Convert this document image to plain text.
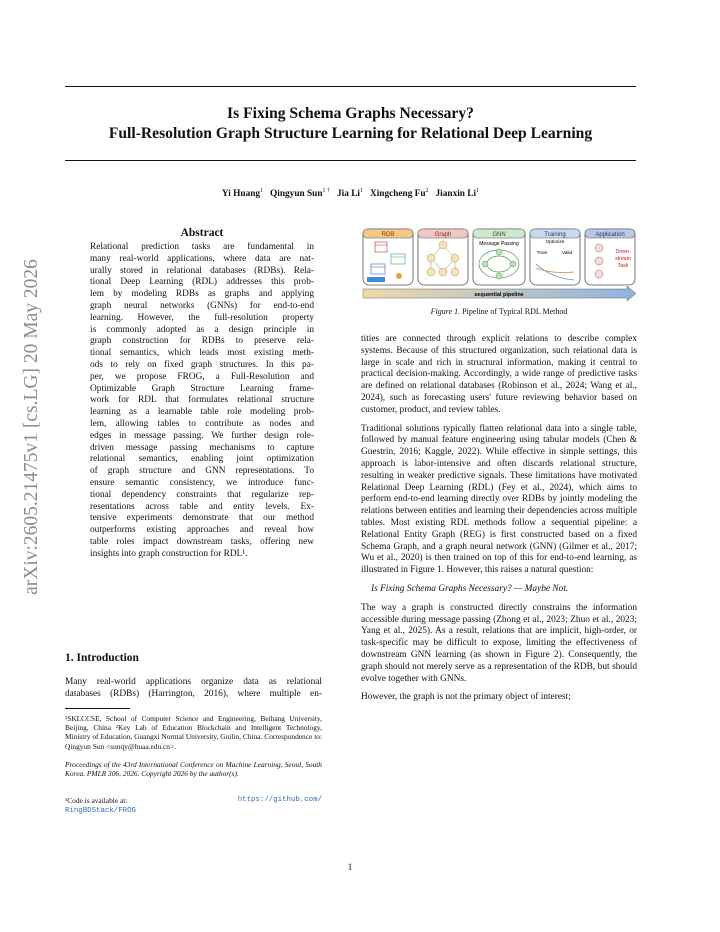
Is Fixing Schema Graphs Necessary?
Full-Resolution Graph Structure Learning for Relational Deep Learning
Yi Huang$^1$ Qingyun Sun$^{1 \dagger}$ Jia Li$^1$ Xingcheng Fu$^2$ Jianxin Li$^1$
arXiv:2605.21475v1 [cs.LG] 20 May 2026
Abstract
Relational prediction tasks are fundamental in
many real-world applications, where data are nat-
urally stored in relational databases (RDBs). Rela-
tional Deep Learning (RDL) addresses this prob-
lem by modeling RDBs as graphs and applying
graph neural networks (GNNs) for end-to-end
learning. However, the full-resolution property
is commonly adopted as a design principle in
graph construction for RDBs to preserve rela-
tional semantics, which leads most existing meth-
ods to rely on fixed graph structures. In this pa-
per, we propose FROG, a Full-Resolution and
Optimizable Graph Structure Learning frame-
work for RDL that formulates relational structure
learning as a learnable table role modeling prob-
lem, allowing tables to contribute as nodes and
edges in message passing. We further design role-
driven message passing mechanisms to capture
relational semantics, enabling joint optimization
of graph structure and GNN representations. To
ensure semantic consistency, we introduce func-
tional dependency constraints that regularize rep-
resentations across table and entity levels. Ex-
tensive experiments demonstrate that our method
outperforms existing approaches and reveal how
table roles impact downstream tasks, offering new
insights into graph construction for RDL¹.
1. Introduction
Many real-world applications organize data as relational
databases (RDBs) (Harrington, 2016), where multiple en-
¹SKLCCSE, School of Computer Science and Engineering, Beihang University, Beijing, China ²Key Lab of Education Blockchain and Intelligent Technology, Ministry of Education, Guangxi Normal University, Guilin, China. Correspondence to: Qingyun Sun <sunqy@buaa.edu.cn>.
Proceedings of the 43rd International Conference on Machine Learning, Seoul, South Korea. PMLR 306, 2026. Copyright 2026 by the author(s).
¹Code is available at:	https://github.com/

RingBDStack/FROG
RDB	Graph	GNN
Message Passing
Training
Optimize
Train	Valid
Application
Down-
stream
Task
sequential pipeline
Figure 1. Pipeline of Typical RDL Method

tities are connected through explicit relations to describe complex systems. Because of this structured organization, such relational data is large in scale and rich in structural information, making it central to practical decision-making. Accordingly, a wide range of predictive tasks are defined on relational databases (Robinson et al., 2024; Wang et al., 2024), such as forecasting users' future reviewing behavior based on customer, product, and review tables.

Traditional solutions typically flatten relational data into a single table, followed by manual feature engineering using tabular models (Chen & Guestrin, 2016; Kaggle, 2022). While effective in simple settings, this approach is labor-intensive and often discards relational structure, resulting in weaker predictive signals. These limitations have motivated Relational Deep Learning (RDL) (Fey et al., 2024), which aims to perform end-to-end learning directly over RDBs by jointly modeling the relations between entities and learning their dependencies across multiple tables. Most existing RDL methods follow a sequential pipeline: a Relational Entity Graph (REG) is first constructed based on a fixed Schema Graph, and a graph neural network (GNN) (Gilmer et al., 2017; Wu et al., 2020) is then trained on top of this for end-to-end learning, as illustrated in Figure 1. However, this raises a natural question:

Is Fixing Schema Graphs Necessary? — Maybe Not.

The way a graph is constructed directly constrains the information accessible during message passing (Zhong et al., 2023; Zhuo et al., 2023; Yang et al., 2025). As a result, relations that are implicit, high-order, or task-specific may be difficult to expose, limiting the effectiveness of downstream GNN learning (as shown in Figure 2). Consequently, the graph should not merely serve as a representation of the RDB, but should evolve together with GNNs.

However, the graph is not the primary object of interest;

1
